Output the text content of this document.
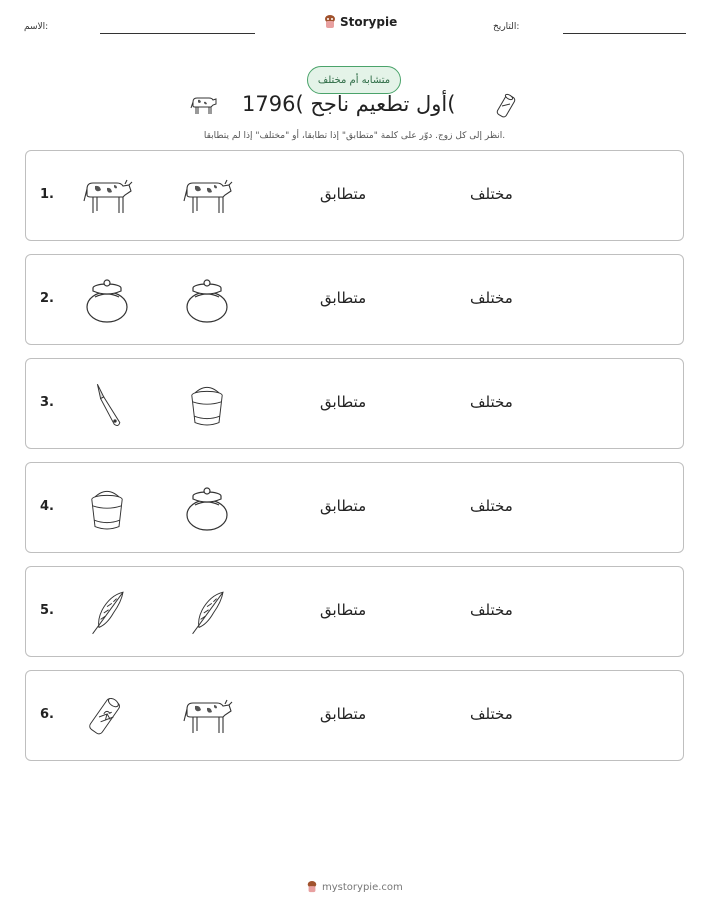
الاسم:	Storypie	التاريخ:
متشابه أم مختلف
أول تطعيم ناجح )1796(
انظر إلى كل زوج. دوّر على كلمة "متطابق" إذا تطابقا، أو "مختلف" إذا لم يتطابقا.
1.	متطابق	مختلف
2.	متطابق	مختلف
3.	متطابق	مختلف
4.	متطابق	مختلف
5.	متطابق	مختلف
6.	متطابق	مختلف
mystorypie.com
